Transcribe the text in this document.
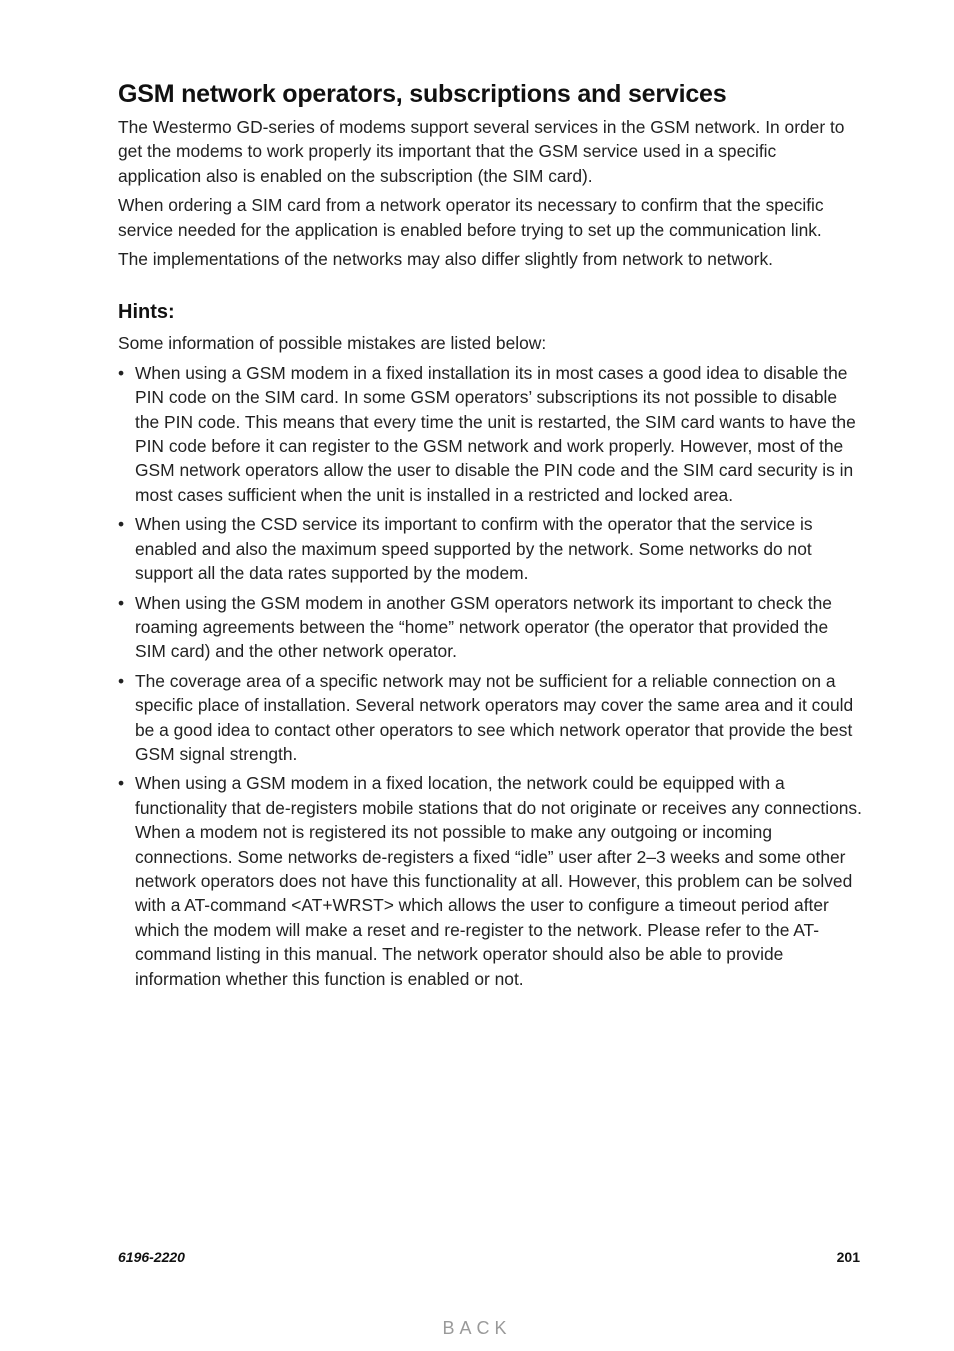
GSM network operators, subscriptions and services

The Westermo GD-series of modems support several services in the GSM network. In order to get the modems to work properly its important that the GSM service used in a specific application also is enabled on the subscription (the SIM card).

When ordering a SIM card from a network operator its necessary to confirm that the specific service needed for the application is enabled before trying to set up the communication link.

The implementations of the networks may also differ slightly from network to network.

Hints:

Some information of possible mistakes are listed below:

• When using a GSM modem in a fixed installation its in most cases a good idea to disable the PIN code on the SIM card. In some GSM operators’ subscriptions its not possible to disable the PIN code. This means that every time the unit is restarted, the SIM card wants to have the PIN code before it can register to the GSM network and work properly. However, most of the GSM network operators allow the user to disable the PIN code and the SIM card security is in most cases sufficient when the unit is installed in a restricted and locked area.
• When using the CSD service its important to confirm with the operator that the service is enabled and also the maximum speed supported by the network. Some networks do not support all the data rates supported by the modem.
• When using the GSM modem in another GSM operators network its important to check the roaming agreements between the “home” network operator (the operator that provided the SIM card) and the other network operator.
• The coverage area of a specific network may not be sufficient for a reliable connection on a specific place of installation. Several network operators may cover the same area and it could be a good idea to contact other operators to see which network operator that provide the best GSM signal strength.
• When using a GSM modem in a fixed location, the network could be equipped with a functionality that de-registers mobile stations that do not originate or receives any connections. When a modem not is registered its not possible to make any outgoing or incoming connections. Some networks de-registers a fixed “idle” user after 2–3 weeks and some other network operators does not have this functionality at all. However, this problem can be solved with a AT-command <AT+WRST> which allows the user to configure a timeout period after which the modem will make a reset and re-register to the network. Please refer to the AT-command listing in this manual. The network operator should also be able to provide information whether this function is enabled or not.
6196-2220	201
BACK
